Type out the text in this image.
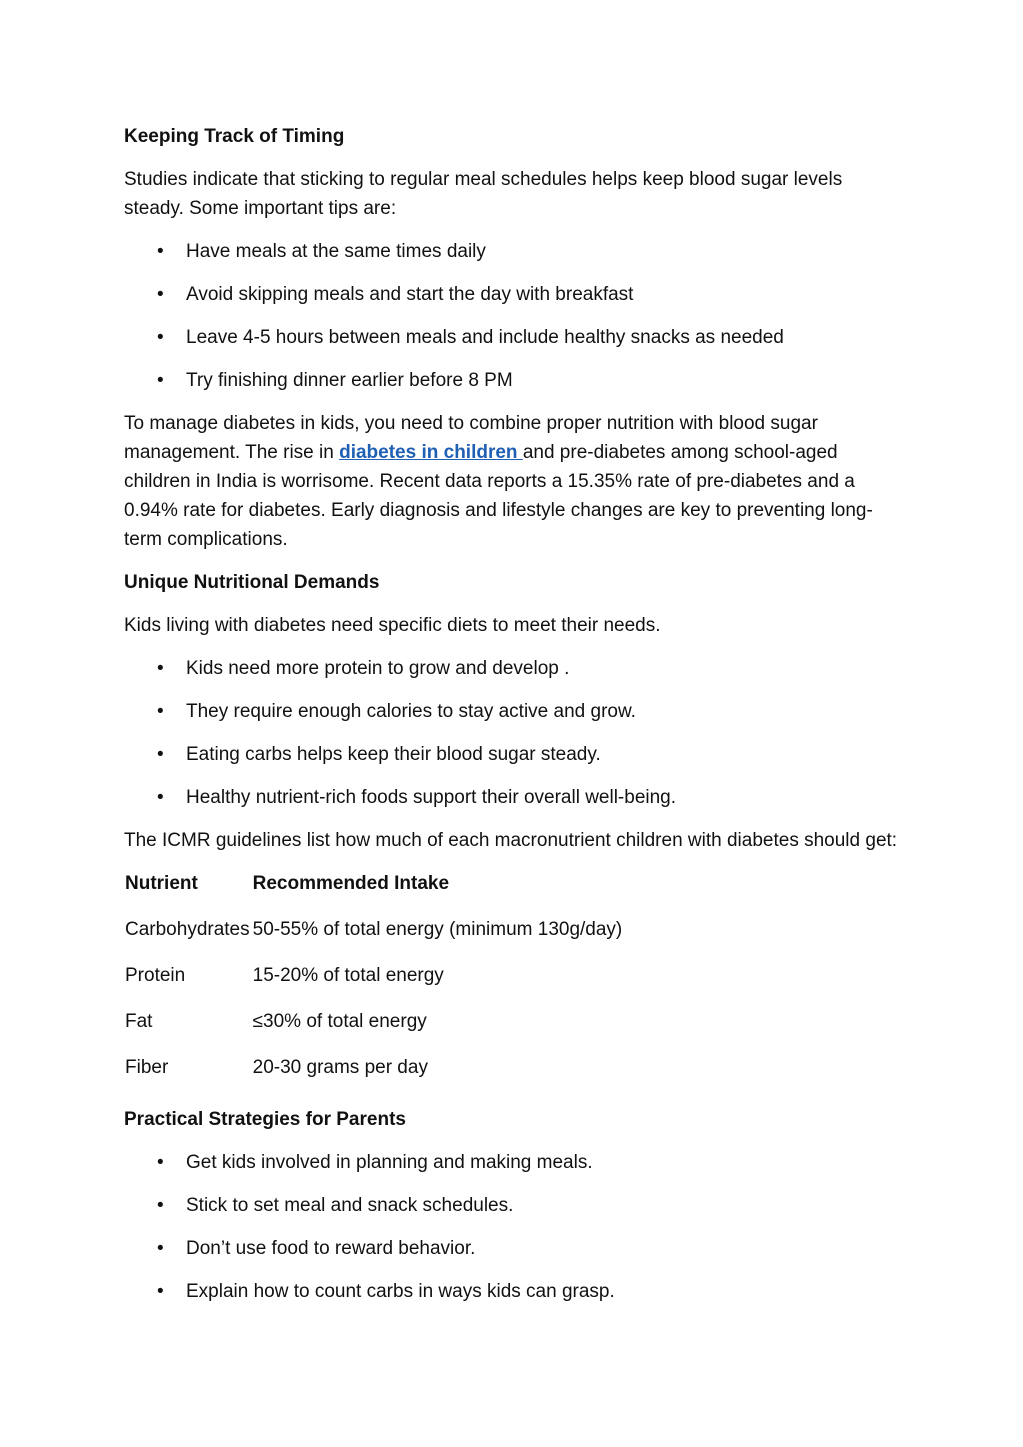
Keeping Track of Timing
Studies indicate that sticking to regular meal schedules helps keep blood sugar levels steady. Some important tips are:
• Have meals at the same times daily
• Avoid skipping meals and start the day with breakfast
• Leave 4-5 hours between meals and include healthy snacks as needed
• Try finishing dinner earlier before 8 PM
To manage diabetes in kids, you need to combine proper nutrition with blood sugar management. The rise in diabetes in children and pre-diabetes among school-aged children in India is worrisome. Recent data reports a 15.35% rate of pre-diabetes and a 0.94% rate for diabetes. Early diagnosis and lifestyle changes are key to preventing long-term complications.
Unique Nutritional Demands
Kids living with diabetes need specific diets to meet their needs.
• Kids need more protein to grow and develop .
• They require enough calories to stay active and grow.
• Eating carbs helps keep their blood sugar steady.
• Healthy nutrient-rich foods support their overall well-being.
The ICMR guidelines list how much of each macronutrient children with diabetes should get:
Nutrient	Recommended Intake
Carbohydrates	50-55% of total energy (minimum 130g/day)
Protein	15-20% of total energy
Fat	≤30% of total energy
Fiber	20-30 grams per day
Practical Strategies for Parents
• Get kids involved in planning and making meals.
• Stick to set meal and snack schedules.
• Don’t use food to reward behavior.
• Explain how to count carbs in ways kids can grasp.
